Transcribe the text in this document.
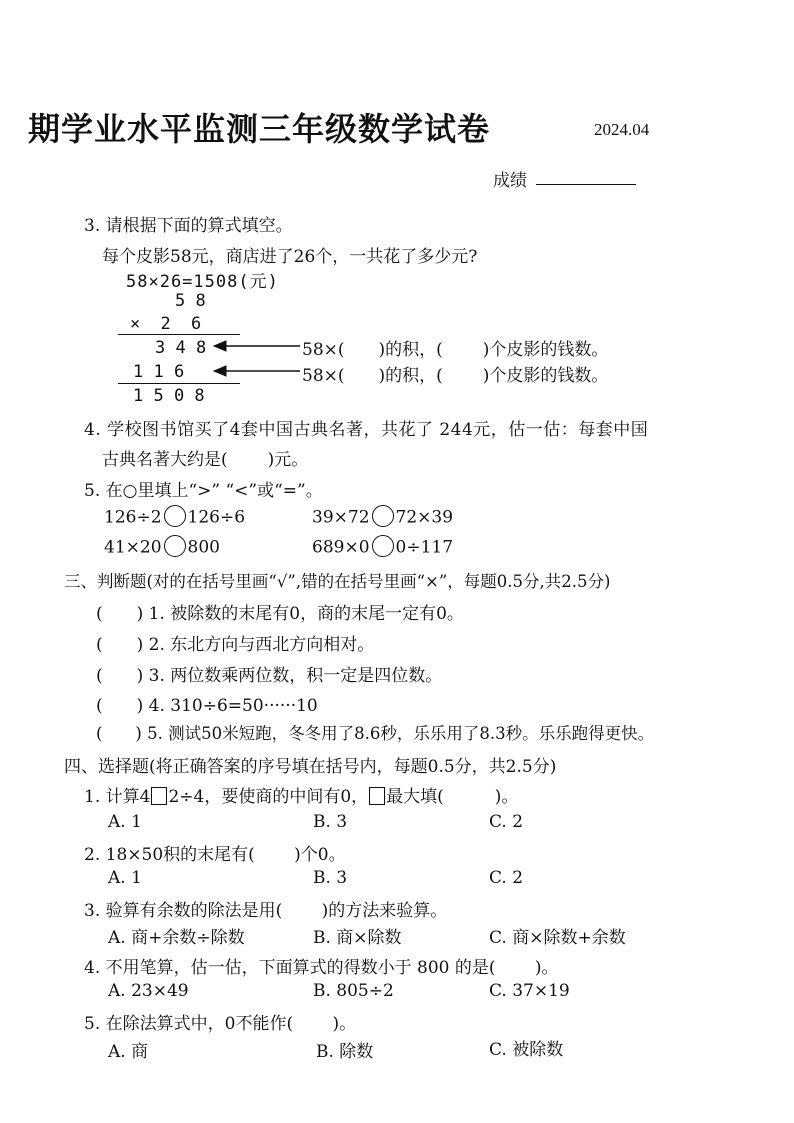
期学业水平监测三年级数学试卷	2024.04
成绩
3. 请根据下面的算式填空。
每个皮影58元，商店进了26个，一共花了多少元?
58×26=1508(元)
5 8
× 2 6
3 4 8
1 1 6
1 5 0 8
58×( )的积，( )个皮影的钱数。
58×( )的积，( )个皮影的钱数。
4. 学校图书馆买了4套中国古典名著，共花了 244元，估一估：每套中国
古典名著大约是( )元。
5. 在○里填上“>” “<”或“=”。
126÷2 126÷6	39×72 72×39
41×20 800	689×0 0÷117
三、判断题(对的在括号里画“√”,错的在括号里画“×”，每题0.5分,共2.5分)
(　　) 1. 被除数的末尾有0，商的末尾一定有0。
(　　) 2. 东北方向与西北方向相对。
(　　) 3. 两位数乘两位数，积一定是四位数。
(　　) 4. 310÷6=50······10
(　　) 5. 测试50米短跑，冬冬用了8.6秒，乐乐用了8.3秒。乐乐跑得更快。
四、选择题(将正确答案的序号填在括号内，每题0.5分，共2.5分)
1. 计算4 2÷4，要使商的中间有0， 最大填(　　　)。
A. 1	B. 3	C. 2
2. 18×50积的末尾有(　　 )个0。
A. 1	B. 3	C. 2
3. 验算有余数的除法是用(　　 )的方法来验算。
A. 商+余数÷除数	B. 商×除数	C. 商×除数+余数
4. 不用笔算，估一估，下面算式的得数小于 800 的是(　　 )。
A. 23×49	B. 805÷2	C. 37×19
5. 在除法算式中，0不能作(　　 )。
A. 商	B. 除数	C. 被除数
